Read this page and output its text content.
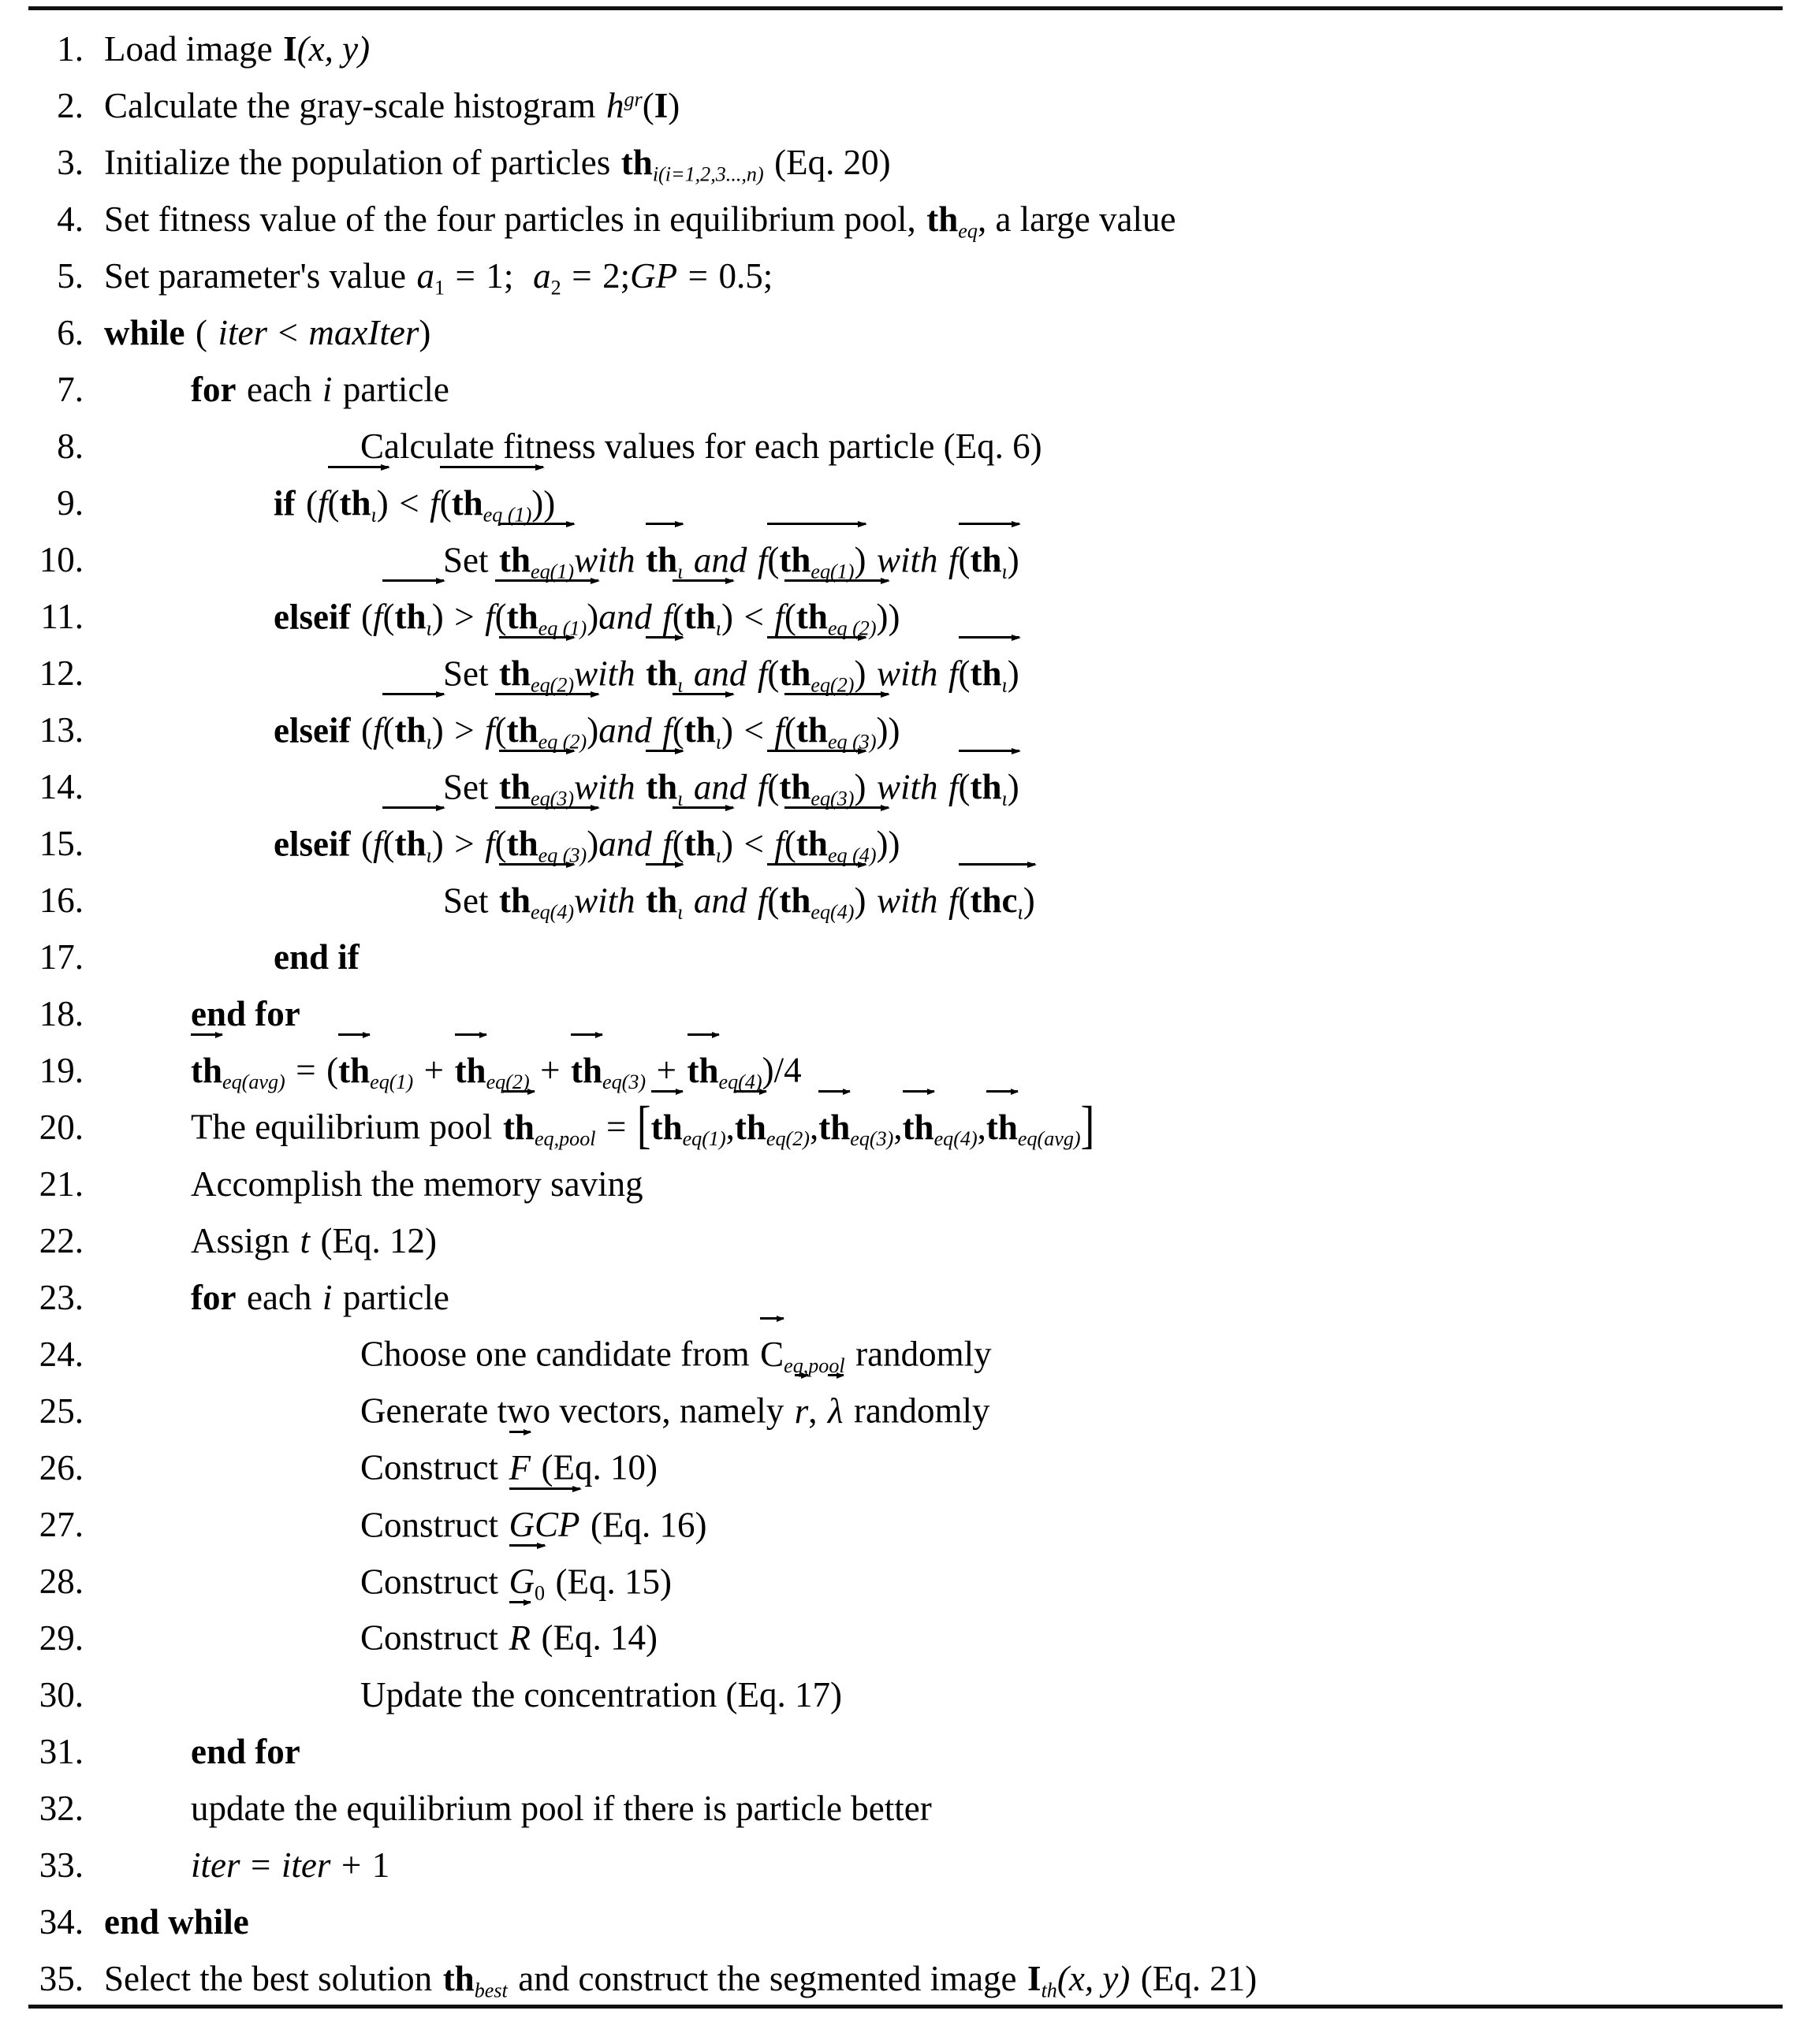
1. Load image I(x, y)
2. Calculate the gray-scale histogram $h^{gr}(I)$
3. Initialize the population of particles $th_{i(i=1,2,3...,n)}$ (Eq. 20)
4. Set fitness value of the four particles in equilibrium pool, $th_{eq}$, a large value
5. Set parameter's value $a_1 = 1$; $a_2$ = 2;GP = 0.5;
6. while ( iter < maxIter)
7.	for each i particle
8.	Calculate fitness values for each particle (Eq. 6)
9.	if (f
$(th_\iota) < f$
$(th_{eq (1)})$)
10.	Set $th_{eq(1)}with$ $th_\iota$ and f
$(th_{eq(1)})$ with f
$(th_\iota)$
11.	elseif (f
$(th_\iota) > f$
$(th_{eq (1)})and$ f
$(th_\iota) < f$
$(th_{eq (2)})$)
12.	Set $th_{eq(2)}with$ $th_\iota$ and f
$(th_{eq(2)})$ with f
$(th_\iota)$
13.	elseif (f
$(th_\iota) > f$
$(th_{eq (2)})and$ f
$(th_\iota) < f$
$(th_{eq (3)})$)
14.	Set $th_{eq(3)}with$ $th_\iota$ and f
$(th_{eq(3)})$ with f
$(th_\iota)$
15.	elseif (f
$(th_\iota) > f$
$(th_{eq (3)})and$ f
$(th_\iota) < f$
$(th_{eq (4)})$)
16.	Set $th_{eq(4)}with$ $th_\iota$ and f
$(th_{eq(4)})$ with f
(thc$_\iota$)
17.	end if
18.	end for
19.	$th_{eq(avg)}$ = (
$th_{eq(1)} + th_{eq(2)} + th_{eq(3)} + th_{eq(4)})/4$
20.	The equilibrium pool $th_{eq,pool}$ = [
$th_{eq(1)}$,
$th_{eq(2)}$,
$th_{eq(3)}$,
$th_{eq(4)}$,
$th_{eq(avg)}$]
21.	Accomplish the memory saving
22.	Assign t (Eq. 12)
23.	for each i particle
24.	Choose one candidate from $C_{eq,pool}$ randomly
25.	Generate two vectors, namely r, λ randomly
26.	Construct F (Eq. 10)
27.	Construct GCP (Eq. 16)
28.	Construct $G_0$ (Eq. 15)
29.	Construct R (Eq. 14)
30.	Update the concentration (Eq. 17)
31.	end for
32.	update the equilibrium pool if there is particle better
33.	iter = iter + 1
34. end while
35. Select the best solution $th_{best}$ and construct the segmented image $I_{th}(x$, y) (Eq. 21)
